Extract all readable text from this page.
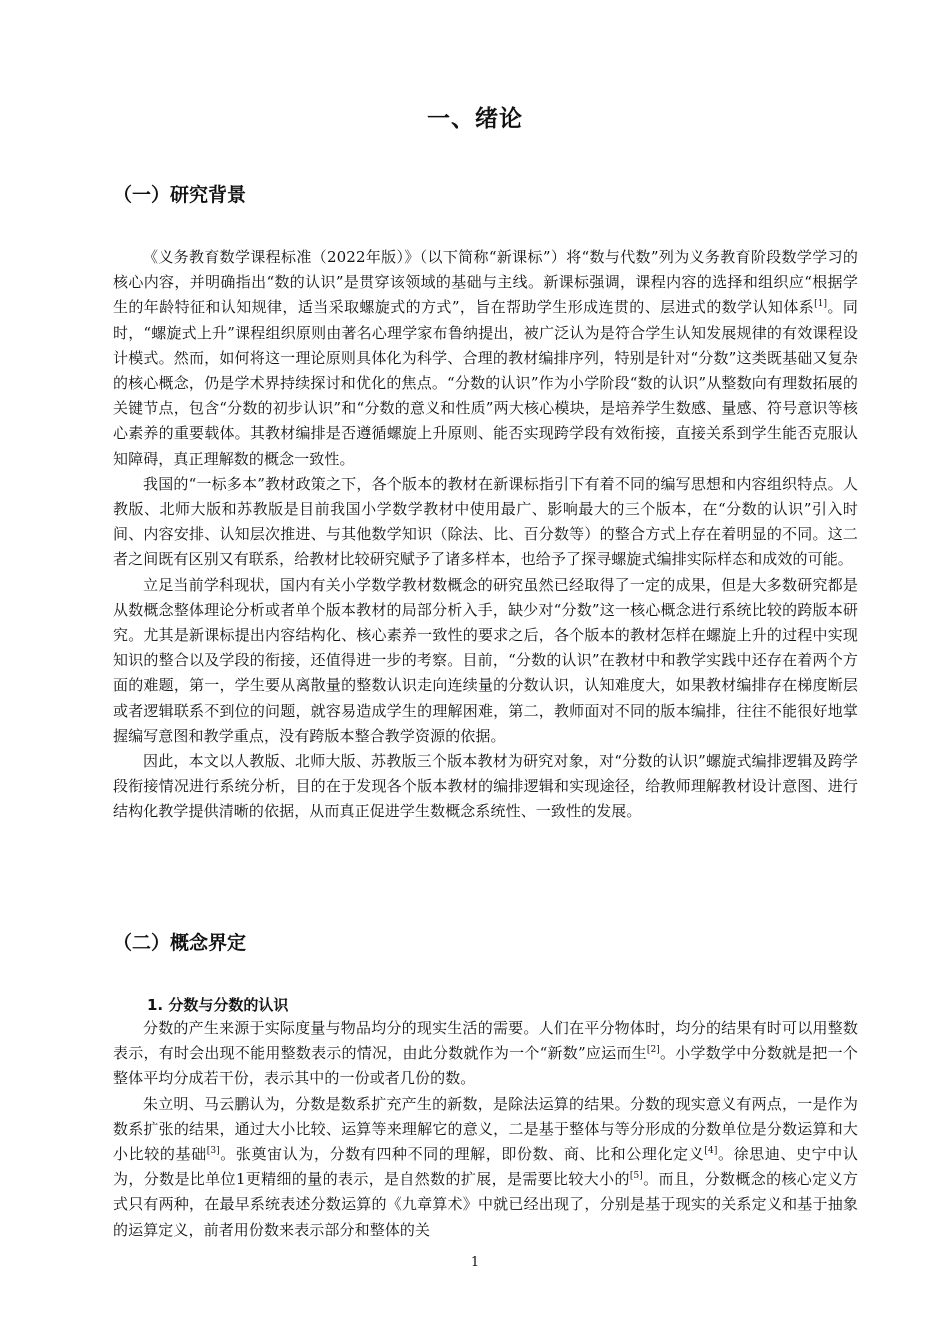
一、绪论
（一）研究背景

《义务教育数学课程标准（2022年版）》（以下简称“新课标”）将“数与代数”列为义务教育阶段数学学习的核心内容，并明确指出“数的认识”是贯穿该领域的基础与主线。新课标强调，课程内容的选择和组织应“根据学生的年龄特征和认知规律，适当采取螺旋式的方式”，旨在帮助学生形成连贯的、层进式的数学认知体系[1]。同时，“螺旋式上升”课程组织原则由著名心理学家布鲁纳提出，被广泛认为是符合学生认知发展规律的有效课程设计模式。然而，如何将这一理论原则具体化为科学、合理的教材编排序列，特别是针对“分数”这类既基础又复杂的核心概念，仍是学术界持续探讨和优化的焦点。“分数的认识”作为小学阶段“数的认识”从整数向有理数拓展的关键节点，包含“分数的初步认识”和“分数的意义和性质”两大核心模块，是培养学生数感、量感、符号意识等核心素养的重要载体。其教材编排是否遵循螺旋上升原则、能否实现跨学段有效衔接，直接关系到学生能否克服认知障碍，真正理解数的概念一致性。

我国的“一标多本”教材政策之下，各个版本的教材在新课标指引下有着不同的编写思想和内容组织特点。人教版、北师大版和苏教版是目前我国小学数学教材中使用最广、影响最大的三个版本，在“分数的认识”引入时间、内容安排、认知层次推进、与其他数学知识（除法、比、百分数等）的整合方式上存在着明显的不同。这二者之间既有区别又有联系，给教材比较研究赋予了诸多样本，也给予了探寻螺旋式编排实际样态和成效的可能。

立足当前学科现状，国内有关小学数学教材数概念的研究虽然已经取得了一定的成果，但是大多数研究都是从数概念整体理论分析或者单个版本教材的局部分析入手，缺少对“分数”这一核心概念进行系统比较的跨版本研究。尤其是新课标提出内容结构化、核心素养一致性的要求之后，各个版本的教材怎样在螺旋上升的过程中实现知识的整合以及学段的衔接，还值得进一步的考察。目前，“分数的认识”在教材中和教学实践中还存在着两个方面的难题，第一，学生要从离散量的整数认识走向连续量的分数认识，认知难度大，如果教材编排存在梯度断层或者逻辑联系不到位的问题，就容易造成学生的理解困难，第二，教师面对不同的版本编排，往往不能很好地掌握编写意图和教学重点，没有跨版本整合教学资源的依据。

因此，本文以人教版、北师大版、苏教版三个版本教材为研究对象，对“分数的认识”螺旋式编排逻辑及跨学段衔接情况进行系统分析，目的在于发现各个版本教材的编排逻辑和实现途径，给教师理解教材设计意图、进行结构化教学提供清晰的依据，从而真正促进学生数概念系统性、一致性的发展。

（二）概念界定
1. 分数与分数的认识

分数的产生来源于实际度量与物品均分的现实生活的需要。人们在平分物体时，均分的结果有时可以用整数表示，有时会出现不能用整数表示的情况，由此分数就作为一个“新数”应运而生[2]。小学数学中分数就是把一个整体平均分成若干份，表示其中的一份或者几份的数。

朱立明、马云鹏认为，分数是数系扩充产生的新数，是除法运算的结果。分数的现实意义有两点，一是作为数系扩张的结果，通过大小比较、运算等来理解它的意义，二是基于整体与等分形成的分数单位是分数运算和大小比较的基础[3]。张奠宙认为，分数有四种不同的理解，即份数、商、比和公理化定义[4]。徐思迪、史宁中认为，分数是比单位1更精细的量的表示，是自然数的扩展，是需要比较大小的[5]。而且，分数概念的核心定义方式只有两种，在最早系统表述分数运算的《九章算术》中就已经出现了，分别是基于现实的关系定义和基于抽象的运算定义，前者用份数来表示部分和整体的关

1
